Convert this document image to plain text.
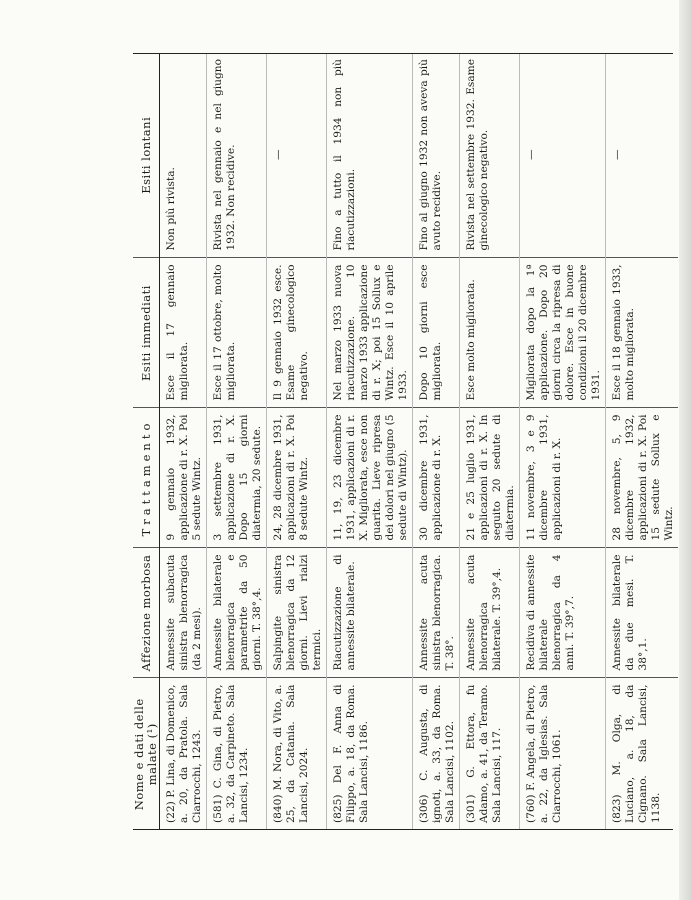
Nome e dati delle malate (¹)	Affezione morbosa	Trattamento	Esiti immediati	Esiti lontani
(22) P. Lina, di Domenico, a. 20, da Pratola. Sala Ciarrocchi, 1243.	Annessite subacuta sinistra blenorragica (da 2 mesi).	9 gennaio 1932, applicazione di r. X. Poi 5 sedute Wintz.	Esce il 17 gennaio migliorata.	Non più rivista.
(581) C. Gina, di Pietro, a. 32, da Carpineto. Sala Lancisi, 1234.	Annessite bilaterale blenorragica e parametrite da 50 giorni. T. 38°,4.	3 settembre 1931, applicazione di r. X. Dopo 15 giorni diatermia, 20 sedute.	Esce il 17 ottobre, molto migliorata.	Rivista nel gennaio e nel giugno 1932. Non recidive.
(840) M. Nora, di Vito, a. 25, da Catania. Sala Lancisi, 2024.	Salpingite sinistra blenorragica da 12 giorni. Lievi rialzi termici.	24, 28 dicembre 1931, applicazioni di r. X. Poi 8 sedute Wintz.	Il 9 gennaio 1932 esce. Esame ginecologico negativo.	—
(825) Del F. Anna di Filippo, a. 18, da Roma. Sala Lancisi, 1186.	Riacutizzazione di annessite bilaterale.	11, 19, 23 dicembre 1931, applicazioni di r. X. Migliorata, esce non guarita. Lieve ripresa dei dolori nel giugno (5 sedute di Wintz).	Nel marzo 1933 nuova riacutizzazione. 10 marzo 1933 applicazione di r. X; poi 15 Sollux e Wintz. Esce il 10 aprile 1933.	Fino a tutto il 1934 non più riacutizzazioni.
(306) C. Augusta, di ignoti, a. 33, da Roma. Sala Lancisi, 1102.	Annessite acuta sinistra blenorragica. T. 38°.	30 dicembre 1931, applicazione di r. X.	Dopo 10 giorni esce migliorata.	Fino al giugno 1932 non aveva più avuto recidive.
(301) G. Ettora, fu Adamo, a. 41, da Teramo. Sala Lancisi, 117.	Annessite acuta blenorragica bilaterale. T. 39°,4.	21 e 25 luglio 1931, applicazioni di r. X. In seguito 20 sedute di diatermia.	Esce molto migliorata.	Rivista nel settembre 1932. Esame ginecologico negativo.
(760) F. Angela, di Pietro, a. 22, da Iglesias. Sala Ciarrocchi, 1061.	Recidiva di annessite bilaterale blenorragica da 4 anni. T. 39°,7.	11 novembre, 3 e 9 dicembre 1931, applicazioni di r. X.	Migliorata dopo la 1ª applicazione. Dopo 20 giorni circa la ripresa di dolore. Esce in buone condizioni il 20 dicembre 1931.	—
(823) M. Olga, di Luciano, a. 18, da Cignano. Sala Lancisi, 1138.	Annessite bilaterale da due mesi. T. 38°,1.	28 novembre, 5, 9 dicembre 1932, applicazioni di r. X. Poi 15 sedute Sollux e Wintz.	Esce il 18 gennaio 1933, molto migliorata.	—
